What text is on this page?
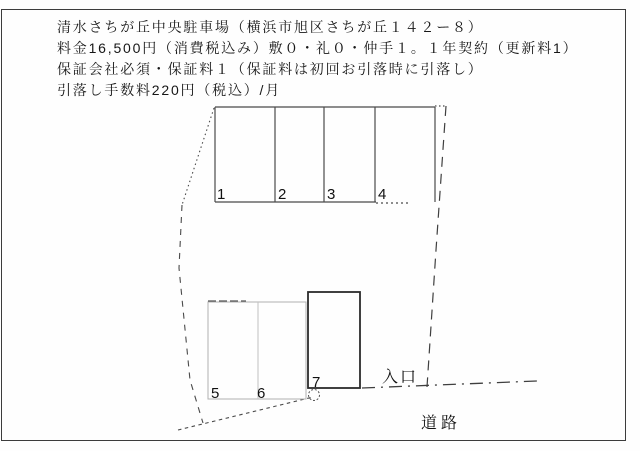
清水さちが丘中央駐車場（横浜市旭区さちが丘１４２ー８）
料金16,500円（消費税込み）敷０・礼０・仲手１。１年契約（更新料1）
保証会社必須・保証料１（保証料は初回お引落時に引落し）
引落し手数料220円（税込）/月
1	2	3	4
5	6
7	入口
道路
